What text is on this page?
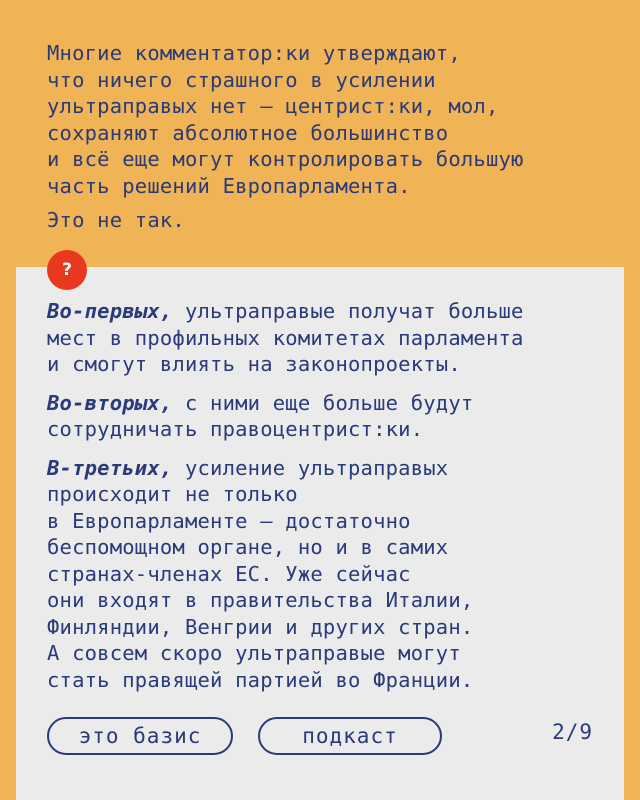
Многие комментатор:ки утверждают,
что ничего страшного в усилении
ультраправых нет — центрист:ки, мол,
сохраняют абсолютное большинство
и всё еще могут контролировать большую
часть решений Европарламента.

Это не так.

?

Во-первых, ультраправые получат больше
мест в профильных комитетах парламента
и смогут влиять на законопроекты.

Во-вторых, с ними еще больше будут
сотрудничать правоцентрист:ки.

В-третьих, усиление ультраправых
происходит не только
в Европарламенте — достаточно
беспомощном органе, но и в самих
странах-членах ЕС. Уже сейчас
они входят в правительства Италии,
Финляндии, Венгрии и других стран.
А совсем скоро ультраправые могут
стать правящей партией во Франции.

это базис	подкаст	2/9
